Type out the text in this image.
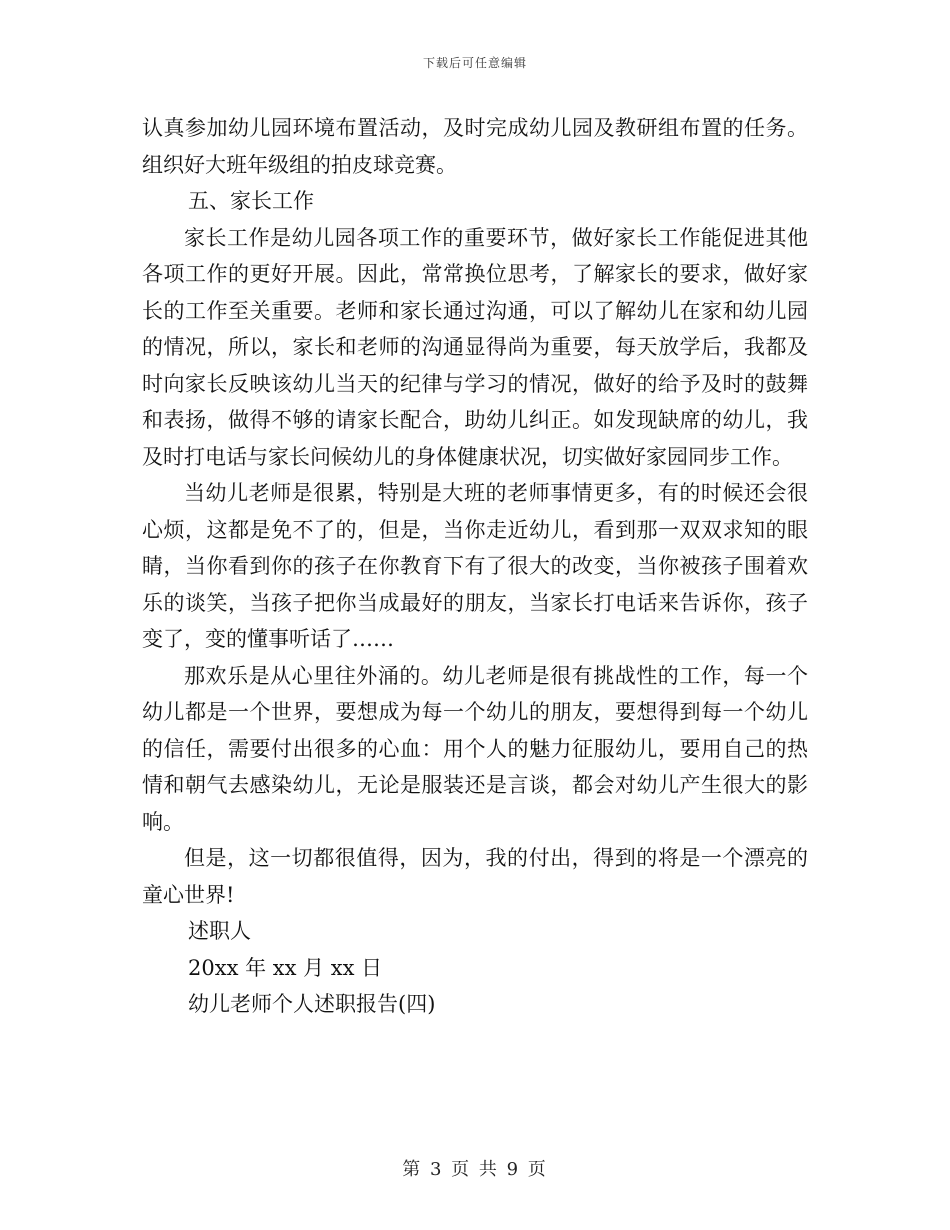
下载后可任意编辑

认真参加幼儿园环境布置活动，及时完成幼儿园及教研组布置的任务。组织好大班年级组的拍皮球竞赛。

五、家长工作

家长工作是幼儿园各项工作的重要环节，做好家长工作能促进其他各项工作的更好开展。因此，常常换位思考，了解家长的要求，做好家长的工作至关重要。老师和家长通过沟通，可以了解幼儿在家和幼儿园的情况，所以，家长和老师的沟通显得尚为重要，每天放学后，我都及时向家长反映该幼儿当天的纪律与学习的情况，做好的给予及时的鼓舞和表扬，做得不够的请家长配合，助幼儿纠正。如发现缺席的幼儿，我及时打电话与家长问候幼儿的身体健康状况，切实做好家园同步工作。

当幼儿老师是很累，特别是大班的老师事情更多，有的时候还会很心烦，这都是免不了的，但是，当你走近幼儿，看到那一双双求知的眼睛，当你看到你的孩子在你教育下有了很大的改变，当你被孩子围着欢乐的谈笑，当孩子把你当成最好的朋友，当家长打电话来告诉你，孩子变了，变的懂事听话了……

那欢乐是从心里往外涌的。幼儿老师是很有挑战性的工作，每一个幼儿都是一个世界，要想成为每一个幼儿的朋友，要想得到每一个幼儿的信任，需要付出很多的心血：用个人的魅力征服幼儿，要用自己的热情和朝气去感染幼儿，无论是服装还是言谈，都会对幼儿产生很大的影响。

但是，这一切都很值得，因为，我的付出，得到的将是一个漂亮的童心世界!

述职人

20xx 年 xx 月 xx 日

幼儿老师个人述职报告(四)

第 3 页 共 9 页
